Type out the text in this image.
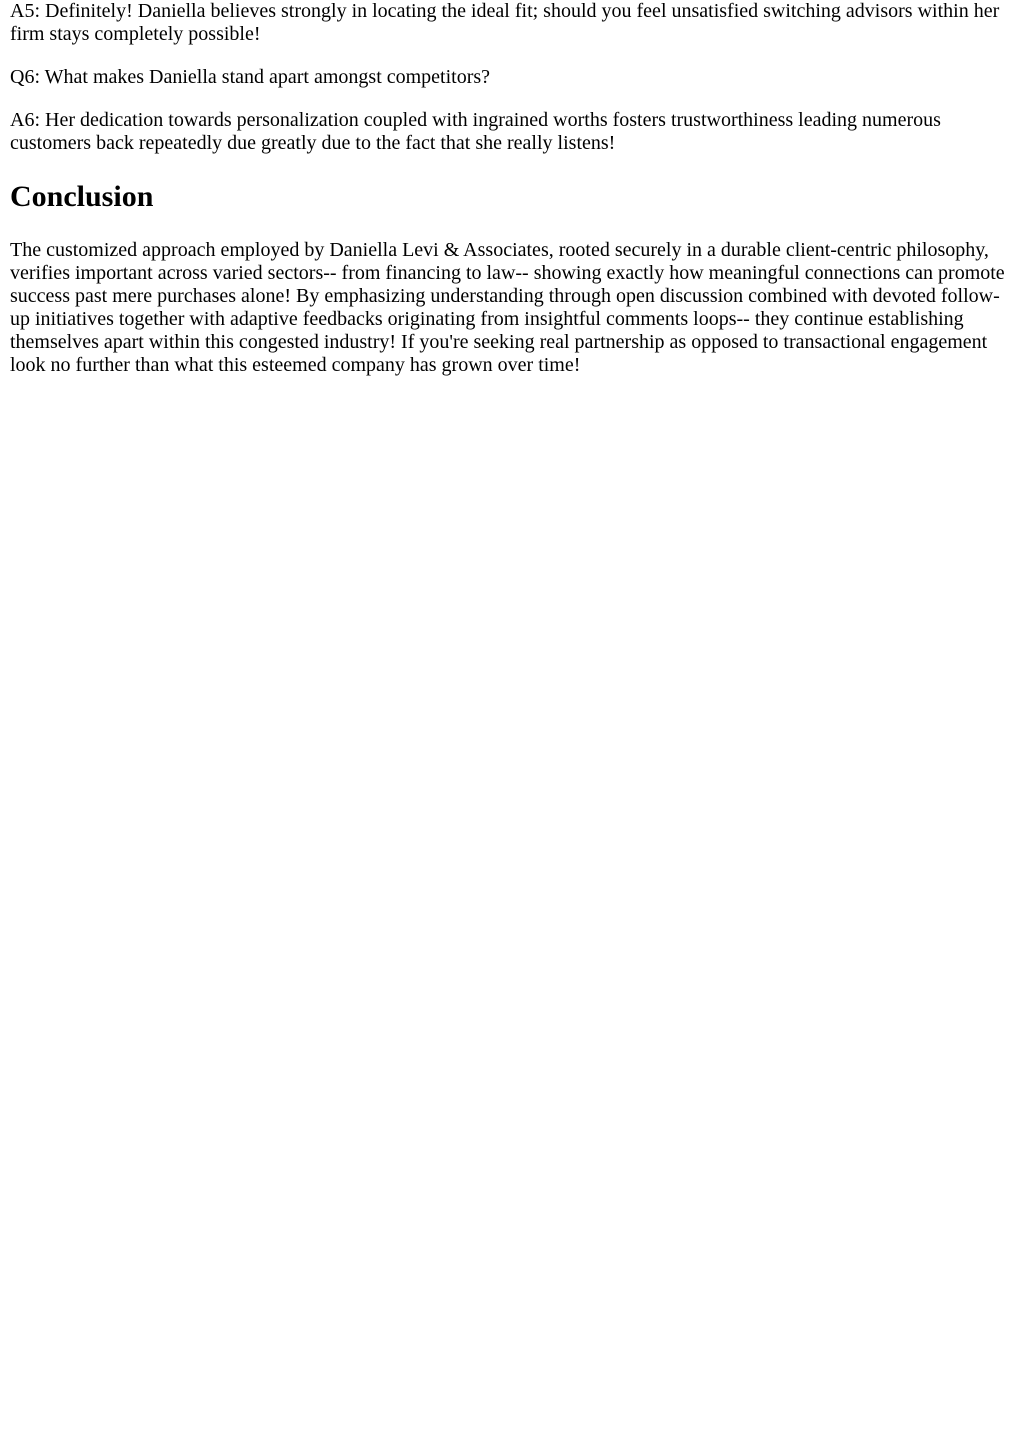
A5: Definitely! Daniella believes strongly in locating the ideal fit; should you feel unsatisfied switching advisors within her firm stays completely possible!

Q6: What makes Daniella stand apart amongst competitors?

A6: Her dedication towards personalization coupled with ingrained worths fosters trustworthiness leading numerous customers back repeatedly due greatly due to the fact that she really listens!

Conclusion

The customized approach employed by Daniella Levi & Associates, rooted securely in a durable client-centric philosophy, verifies important across varied sectors-- from financing to law-- showing exactly how meaningful connections can promote success past mere purchases alone! By emphasizing understanding through open discussion combined with devoted follow-up initiatives together with adaptive feedbacks originating from insightful comments loops-- they continue establishing themselves apart within this congested industry! If you're seeking real partnership as opposed to transactional engagement look no further than what this esteemed company has grown over time!
